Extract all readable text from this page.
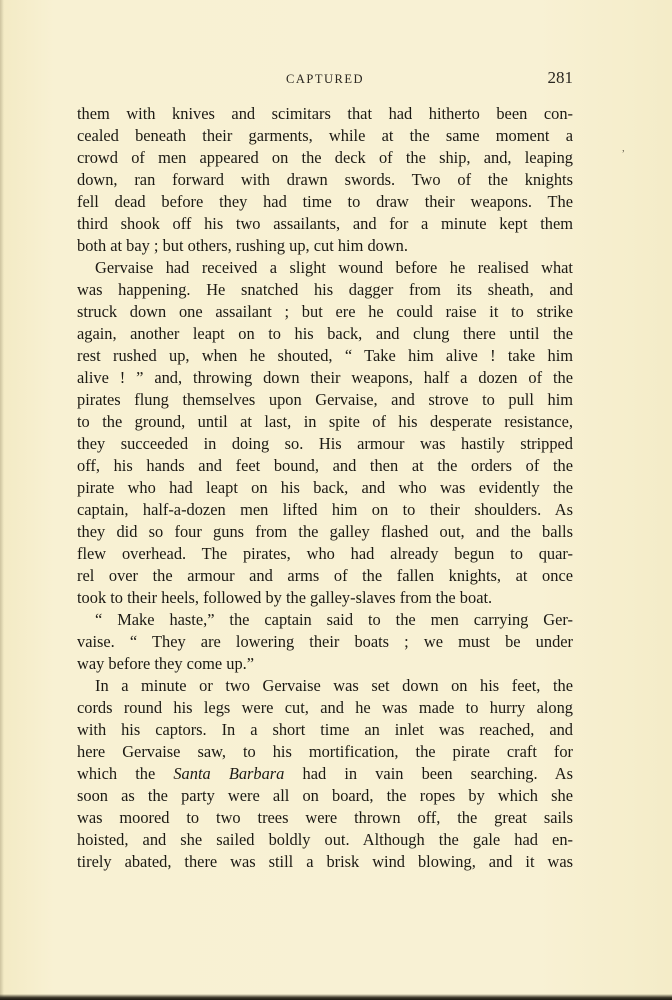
CAPTURED	281
,
them with knives and scimitars that had hitherto been con-
cealed beneath their garments, while at the same moment a
crowd of men appeared on the deck of the ship, and, leaping
down, ran forward with drawn swords. Two of the knights
fell dead before they had time to draw their weapons. The
third shook off his two assailants, and for a minute kept them
both at bay ; but others, rushing up, cut him down.
Gervaise had received a slight wound before he realised what
was happening. He snatched his dagger from its sheath, and
struck down one assailant ; but ere he could raise it to strike
again, another leapt on to his back, and clung there until the
rest rushed up, when he shouted, “ Take him alive ! take him
alive ! ” and, throwing down their weapons, half a dozen of the
pirates flung themselves upon Gervaise, and strove to pull him
to the ground, until at last, in spite of his desperate resistance,
they succeeded in doing so. His armour was hastily stripped
off, his hands and feet bound, and then at the orders of the
pirate who had leapt on his back, and who was evidently the
captain, half-a-dozen men lifted him on to their shoulders. As
they did so four guns from the galley flashed out, and the balls
flew overhead. The pirates, who had already begun to quar-
rel over the armour and arms of the fallen knights, at once
took to their heels, followed by the galley-slaves from the boat.
“ Make haste,” the captain said to the men carrying Ger-
vaise. “ They are lowering their boats ; we must be under
way before they come up.”
In a minute or two Gervaise was set down on his feet, the
cords round his legs were cut, and he was made to hurry along
with his captors. In a short time an inlet was reached, and
here Gervaise saw, to his mortification, the pirate craft for
which the Santa Barbara had in vain been searching. As
soon as the party were all on board, the ropes by which she
was moored to two trees were thrown off, the great sails
hoisted, and she sailed boldly out. Although the gale had en-
tirely abated, there was still a brisk wind blowing, and it was
